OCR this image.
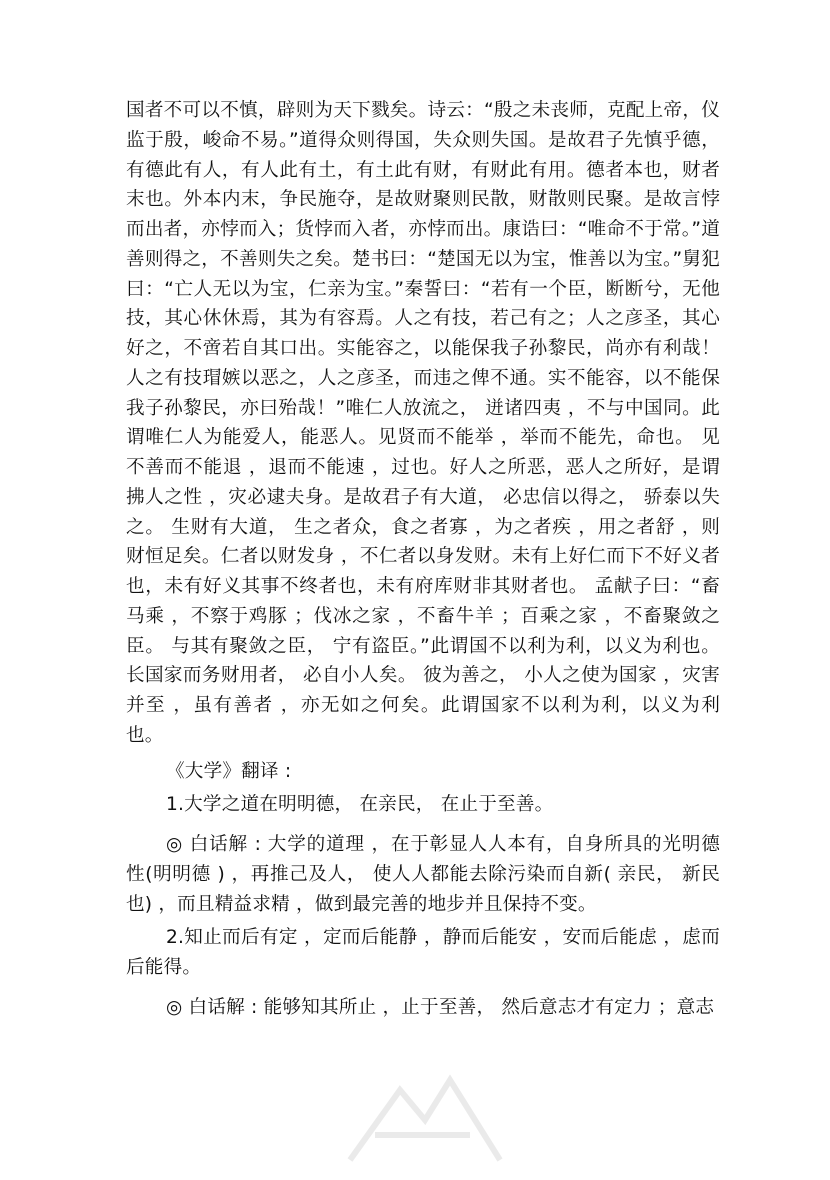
国者不可以不慎，辟则为天下戮矣。诗云：“殷之未丧师，克配上帝，仪监于殷，峻命不易。”道得众则得国，失众则失国。是故君子先慎乎德，有德此有人，有人此有土，有土此有财，有财此有用。德者本也，财者末也。外本内末，争民施夺，是故财聚则民散，财散则民聚。是故言悖而出者，亦悖而入；货悖而入者，亦悖而出。康诰曰：“唯命不于常。”道善则得之，不善则失之矣。楚书曰：“楚国无以为宝，惟善以为宝。”舅犯曰：“亡人无以为宝，仁亲为宝。”秦誓曰：“若有一个臣，断断兮，无他技，其心休休焉，其为有容焉。人之有技，若己有之；人之彦圣，其心好之，不啻若自其口出。实能容之，以能保我子孙黎民，尚亦有利哉！人之有技瑁嫉以恶之，人之彦圣，而违之俾不通。实不能容，以不能保我子孙黎民，亦曰殆哉！”唯仁人放流之， 迸诸四夷 ，不与中国同。此谓唯仁人为能爱人，能恶人。见贤而不能举 ，举而不能先，命也。 见不善而不能退 ，退而不能速 ，过也。好人之所恶，恶人之所好，是谓拂人之性 ，灾必逮夫身。是故君子有大道， 必忠信以得之， 骄泰以失之。 生财有大道， 生之者众，食之者寡 ，为之者疾 ，用之者舒 ，则财恒足矣。仁者以财发身 ，不仁者以身发财。未有上好仁而下不好义者也，未有好义其事不终者也，未有府库财非其财者也。 孟献子曰：“畜马乘 ，不察于鸡豚 ；伐冰之家 ，不畜牛羊 ；百乘之家 ，不畜聚敛之臣。 与其有聚敛之臣， 宁有盗臣。”此谓国不以利为利，以义为利也。 长国家而务财用者， 必自小人矣。 彼为善之， 小人之使为国家 ，灾害并至 ，虽有善者 ，亦无如之何矣。此谓国家不以利为利，以义为利也。

《大学》翻译 :

1.大学之道在明明德， 在亲民， 在止于至善。

◎ 白话解 : 大学的道理 ，在于彰显人人本有，自身所具的光明德性(明明德 ) ，再推己及人， 使人人都能去除污染而自新( 亲民， 新民也) ，而且精益求精 ，做到最完善的地步并且保持不变。

2.知止而后有定 ，定而后能静 ，静而后能安 ，安而后能虑 ，虑而后能得。

◎ 白话解 : 能够知其所止 ，止于至善， 然后意志才有定力 ；意志
